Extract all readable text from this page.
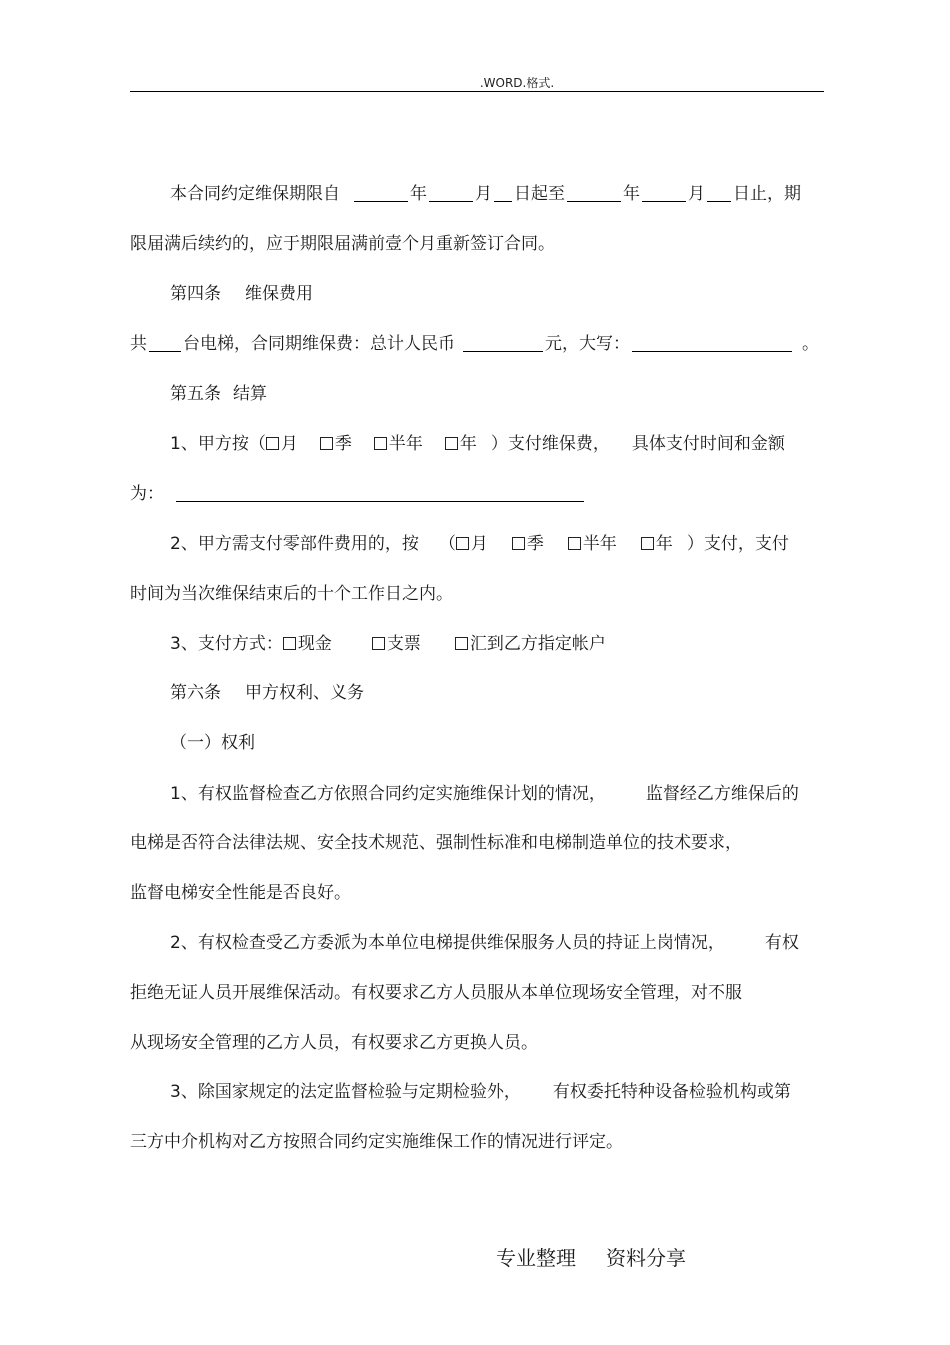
.WORD.格式.
本合同约定维保期限自	年	月 日起至	年	月 日止，期
限届满后续约的，应于期限届满前壹个月重新签订合同。
第四条 维保费用
共 台电梯，合同期维保费：总计人民币	元，大写：	。
第五条 结算
1、甲方按（ 月 季 半年 年 ）支付维保费， 具体支付时间和金额
为：
2、甲方需支付零部件费用的，按 （ 月 季 半年 年 ）支付，支付
时间为当次维保结束后的十个工作日之内。
3、支付方式： 现金	支票	汇到乙方指定帐户
第六条 甲方权利、义务
（一）权利
1、有权监督检查乙方依照合同约定实施维保计划的情况， 监督经乙方维保后的
电梯是否符合法律法规、安全技术规范、强制性标准和电梯制造单位的技术要求，
监督电梯安全性能是否良好。
2、有权检查受乙方委派为本单位电梯提供维保服务人员的持证上岗情况， 有权
拒绝无证人员开展维保活动。有权要求乙方人员服从本单位现场安全管理，对不服
从现场安全管理的乙方人员，有权要求乙方更换人员。
3、除国家规定的法定监督检验与定期检验外， 有权委托特种设备检验机构或第
三方中介机构对乙方按照合同约定实施维保工作的情况进行评定。
专业整理 资料分享
